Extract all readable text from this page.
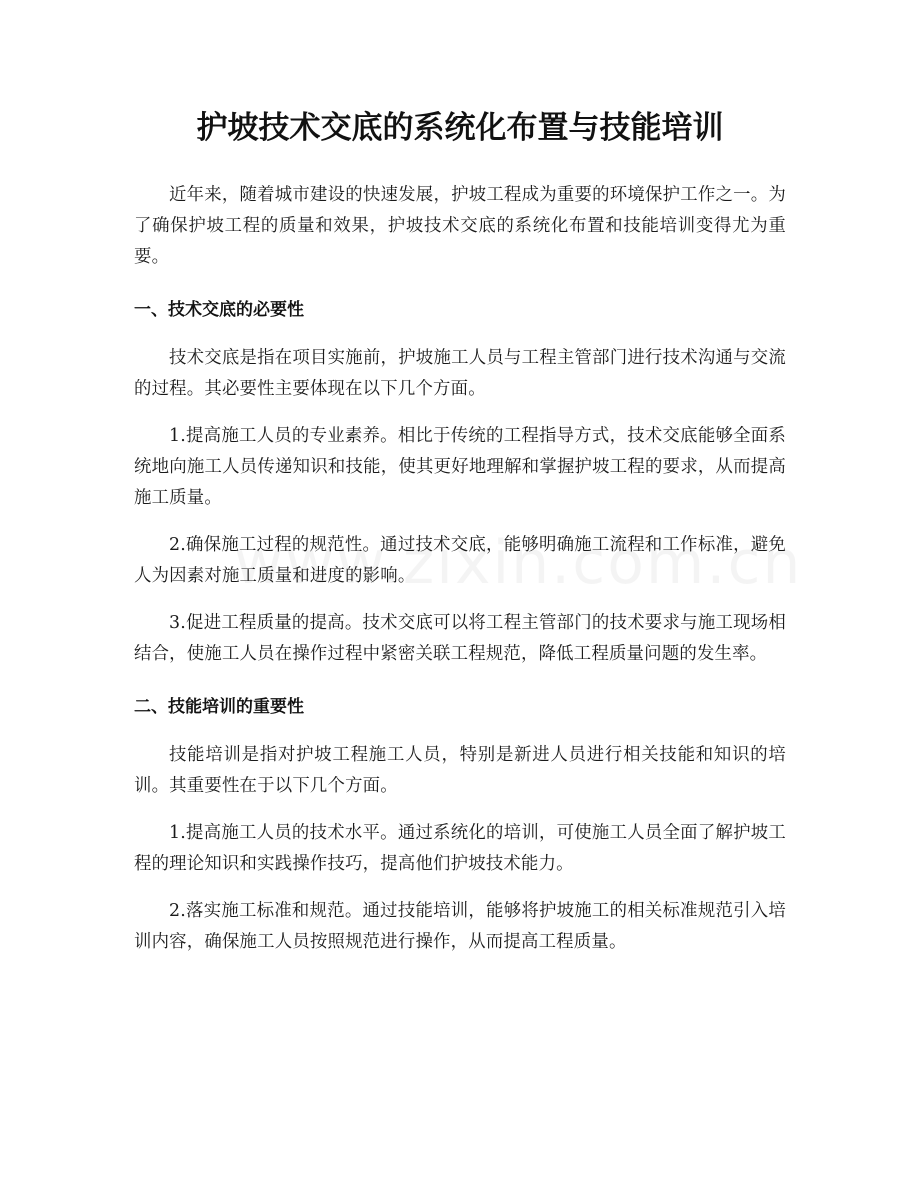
护坡技术交底的系统化布置与技能培训

近年来，随着城市建设的快速发展，护坡工程成为重要的环境保护工作之一。为了确保护坡工程的质量和效果，护坡技术交底的系统化布置和技能培训变得尤为重要。

一、技术交底的必要性

技术交底是指在项目实施前，护坡施工人员与工程主管部门进行技术沟通与交流的过程。其必要性主要体现在以下几个方面。

1.提高施工人员的专业素养。相比于传统的工程指导方式，技术交底能够全面系统地向施工人员传递知识和技能，使其更好地理解和掌握护坡工程的要求，从而提高施工质量。

2.确保施工过程的规范性。通过技术交底，能够明确施工流程和工作标准，避免人为因素对施工质量和进度的影响。

3.促进工程质量的提高。技术交底可以将工程主管部门的技术要求与施工现场相结合，使施工人员在操作过程中紧密关联工程规范，降低工程质量问题的发生率。

二、技能培训的重要性

技能培训是指对护坡工程施工人员，特别是新进人员进行相关技能和知识的培训。其重要性在于以下几个方面。

1.提高施工人员的技术水平。通过系统化的培训，可使施工人员全面了解护坡工程的理论知识和实践操作技巧，提高他们护坡技术能力。

2.落实施工标准和规范。通过技能培训，能够将护坡施工的相关标准规范引入培训内容，确保施工人员按照规范进行操作，从而提高工程质量。
